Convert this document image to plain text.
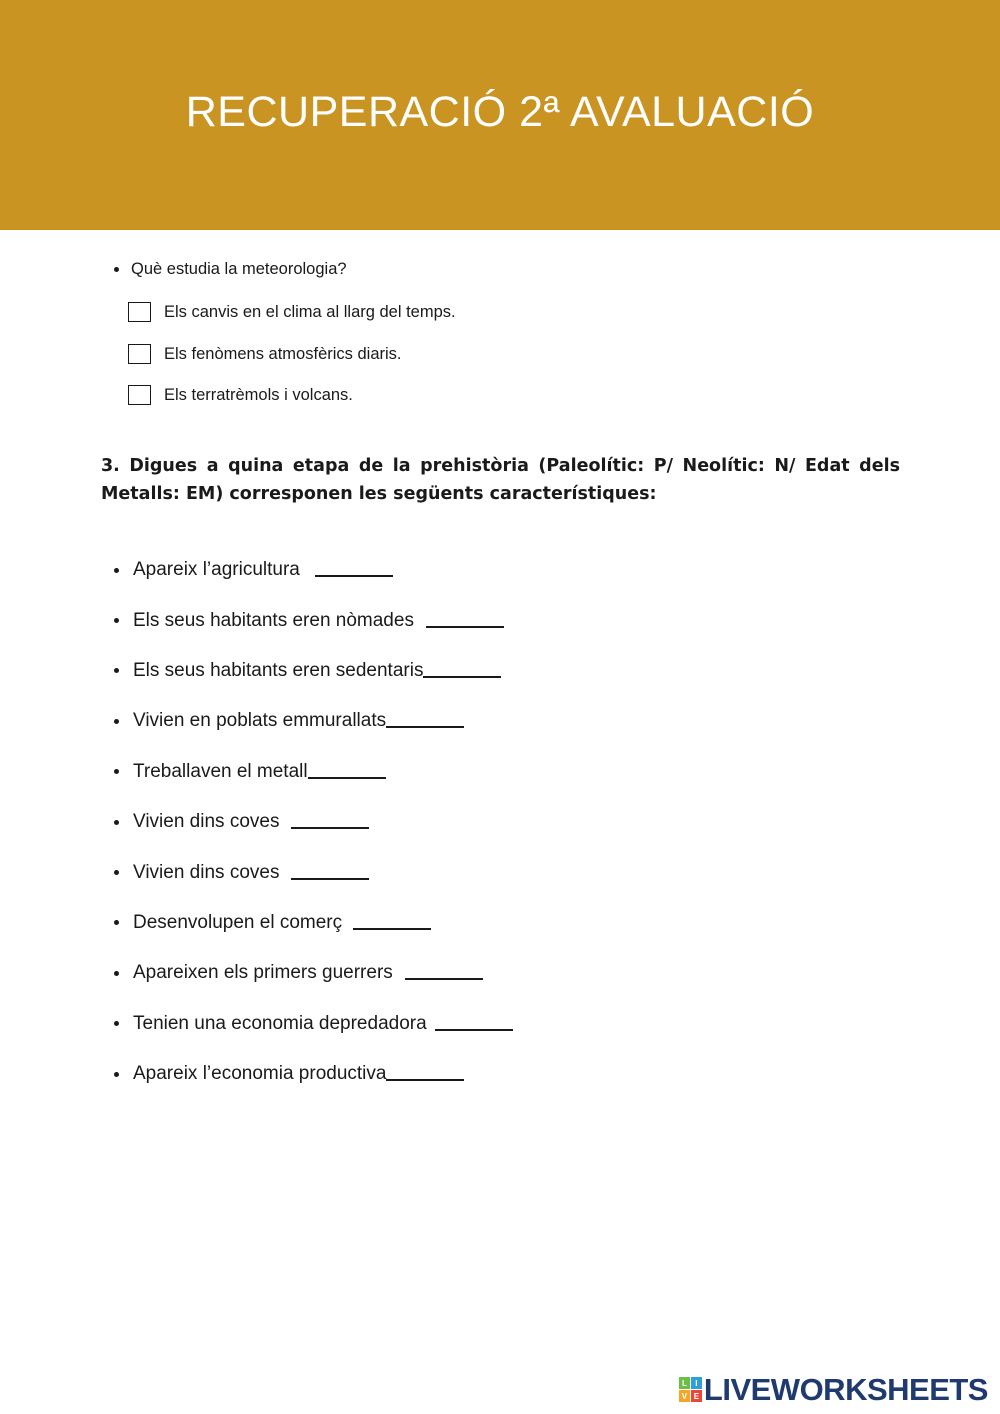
RECUPERACIÓ 2ª AVALUACIÓ
Què estudia la meteorologia?
Els canvis en el clima al llarg del temps.
Els fenòmens atmosfèrics diaris.
Els terratrèmols i volcans.

3. Digues a quina etapa de la prehistòria (Paleolític: P/ Neolític: N/ Edat dels Metalls: EM) corresponen les següents característiques:

Apareix l’agricultura
Els seus habitants eren nòmades
Els seus habitants eren sedentaris
Vivien en poblats emmurallats
Treballaven el metall
Vivien dins coves
Vivien dins coves
Desenvolupen el comerç
Apareixen els primers guerrers
Tenien una economia depredadora
Apareix l’economia productiva
L	I
V E LIVEWORKSHEETS
